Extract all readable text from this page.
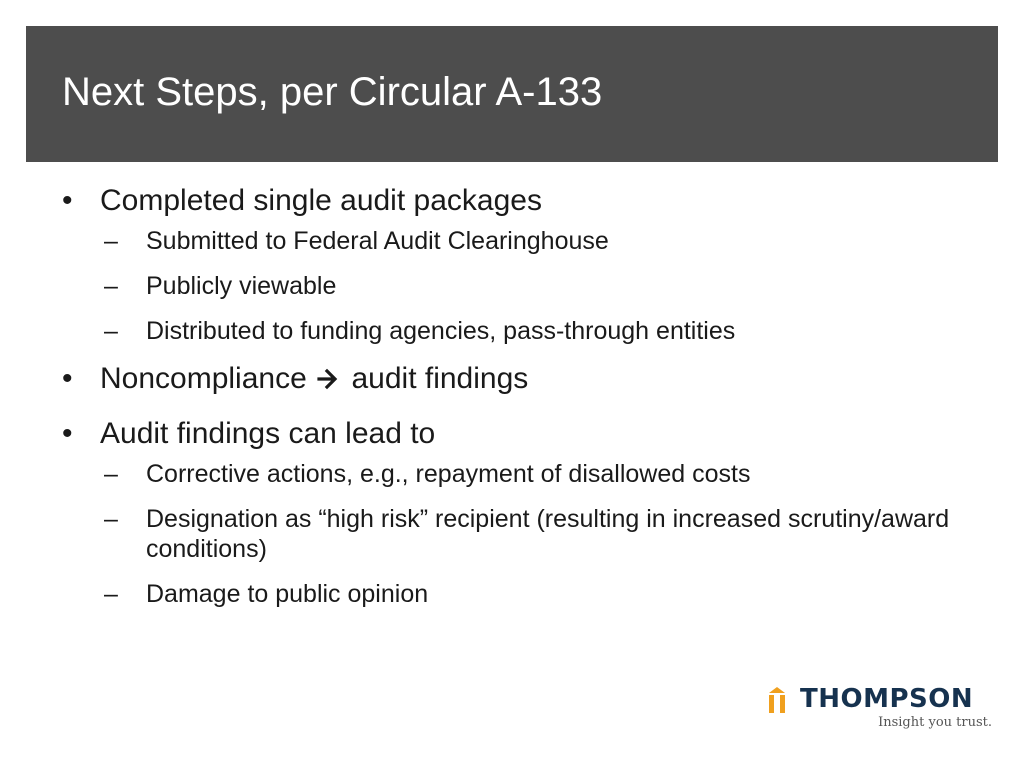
Next Steps, per Circular A-133
• Completed single audit packages
– Submitted to Federal Audit Clearinghouse
– Publicly viewable
– Distributed to funding agencies, pass-through entities
• Noncompliance audit findings
• Audit findings can lead to
– Corrective actions, e.g., repayment of disallowed costs
– Designation as “high risk” recipient (resulting in increased scrutiny/award conditions)
– Damage to public opinion
THOMPSON
Insight you trust.
